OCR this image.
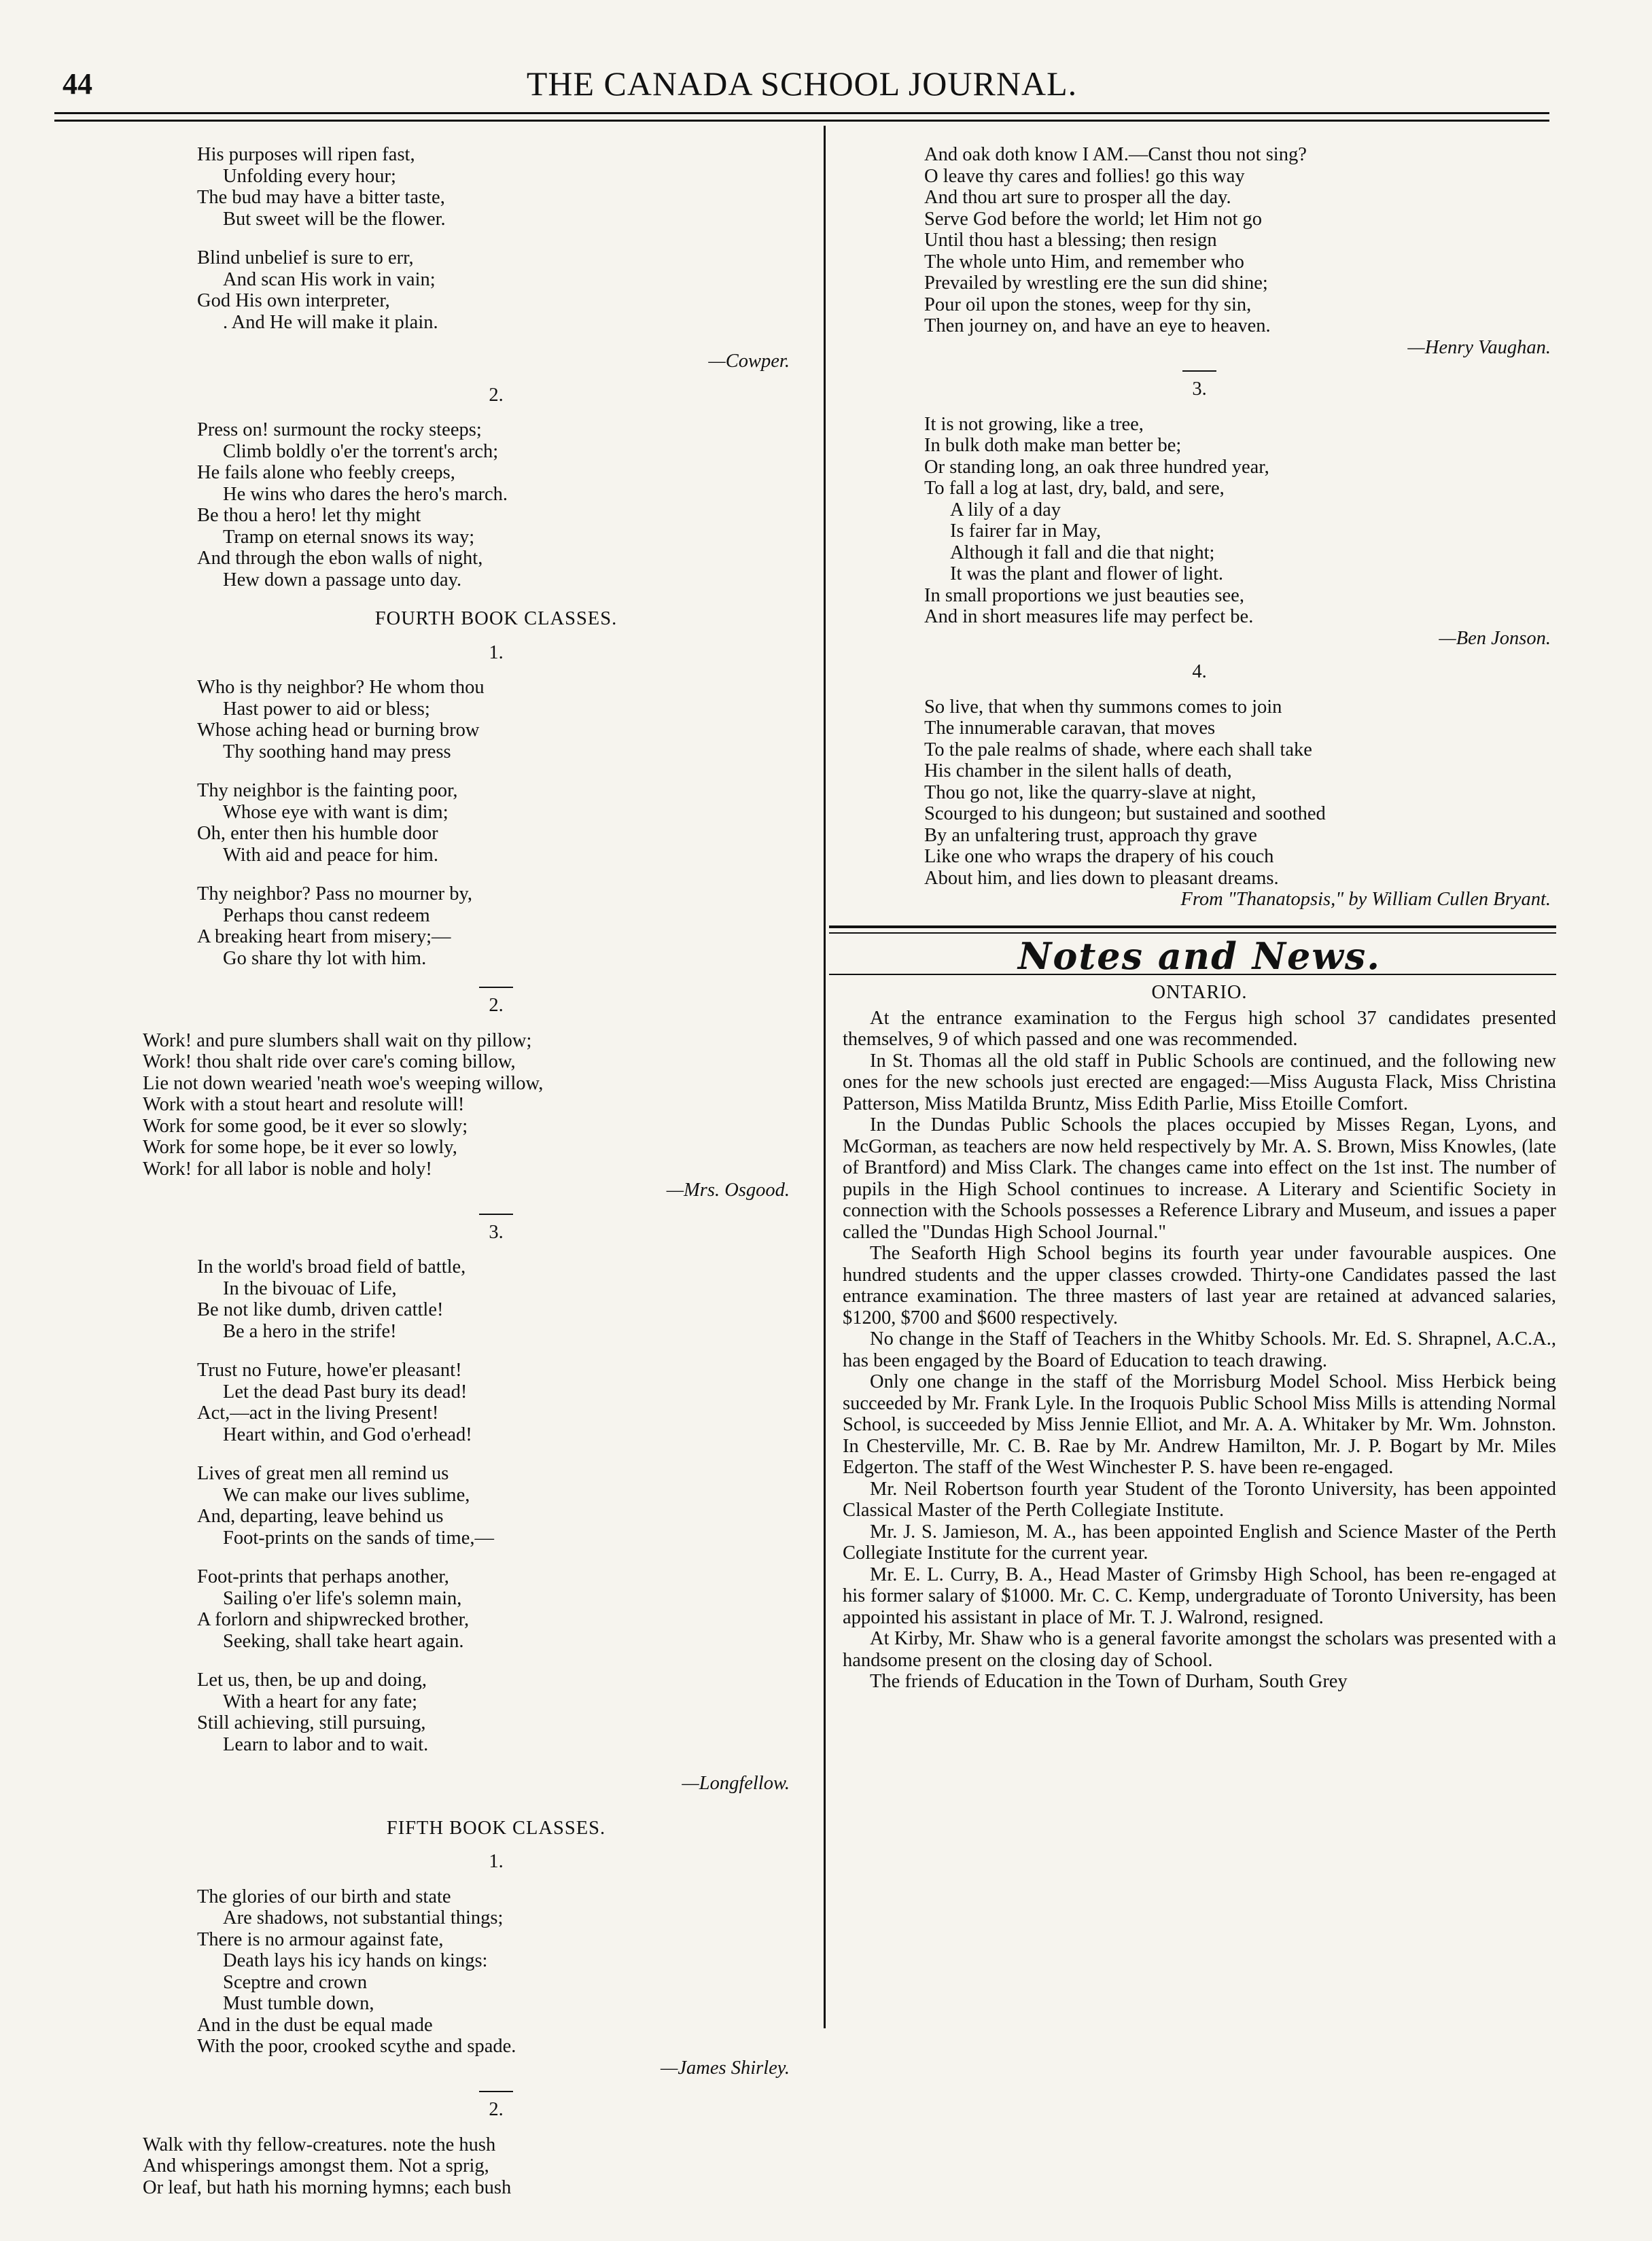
44	THE CANADA SCHOOL JOURNAL.
His purposes will ripen fast,
Unfolding every hour;
The bud may have a bitter taste,
But sweet will be the flower.
Blind unbelief is sure to err,
And scan His work in vain;
God His own interpreter,
. And He will make it plain.
—Cowper.
2.
Press on! surmount the rocky steeps;
Climb boldly o'er the torrent's arch;
He fails alone who feebly creeps,
He wins who dares the hero's march.
Be thou a hero! let thy might
Tramp on eternal snows its way;
And through the ebon walls of night,
Hew down a passage unto day.
FOURTH BOOK CLASSES.
1.
Who is thy neighbor? He whom thou
Hast power to aid or bless;
Whose aching head or burning brow
Thy soothing hand may press
Thy neighbor is the fainting poor,
Whose eye with want is dim;
Oh, enter then his humble door
With aid and peace for him.
Thy neighbor? Pass no mourner by,
Perhaps thou canst redeem
A breaking heart from misery;—
Go share thy lot with him.
2.
Work! and pure slumbers shall wait on thy pillow;
Work! thou shalt ride over care's coming billow,
Lie not down wearied 'neath woe's weeping willow,
Work with a stout heart and resolute will!
Work for some good, be it ever so slowly;
Work for some hope, be it ever so lowly,
Work! for all labor is noble and holy!
—Mrs. Osgood.
3.
In the world's broad field of battle,
In the bivouac of Life,
Be not like dumb, driven cattle!
Be a hero in the strife!
Trust no Future, howe'er pleasant!
Let the dead Past bury its dead!
Act,—act in the living Present!
Heart within, and God o'erhead!
Lives of great men all remind us
We can make our lives sublime,
And, departing, leave behind us
Foot-prints on the sands of time,—
Foot-prints that perhaps another,
Sailing o'er life's solemn main,
A forlorn and shipwrecked brother,
Seeking, shall take heart again.
Let us, then, be up and doing,
With a heart for any fate;
Still achieving, still pursuing,
Learn to labor and to wait.
—Longfellow.
FIFTH BOOK CLASSES.
1.
The glories of our birth and state
Are shadows, not substantial things;
There is no armour against fate,
Death lays his icy hands on kings:
Sceptre and crown
Must tumble down,
And in the dust be equal made
With the poor, crooked scythe and spade.
—James Shirley.
2.
Walk with thy fellow-creatures. note the hush
And whisperings amongst them. Not a sprig,
Or leaf, but hath his morning hymns; each bush
And oak doth know I AM.—Canst thou not sing?
O leave thy cares and follies! go this way
And thou art sure to prosper all the day.
Serve God before the world; let Him not go
Until thou hast a blessing; then resign
The whole unto Him, and remember who
Prevailed by wrestling ere the sun did shine;
Pour oil upon the stones, weep for thy sin,
Then journey on, and have an eye to heaven.
—Henry Vaughan.
3.
It is not growing, like a tree,
In bulk doth make man better be;
Or standing long, an oak three hundred year,
To fall a log at last, dry, bald, and sere,
A lily of a day
Is fairer far in May,
Although it fall and die that night;
It was the plant and flower of light.
In small proportions we just beauties see,
And in short measures life may perfect be.
—Ben Jonson.
4.
So live, that when thy summons comes to join
The innumerable caravan, that moves
To the pale realms of shade, where each shall take
His chamber in the silent halls of death,
Thou go not, like the quarry-slave at night,
Scourged to his dungeon; but sustained and soothed
By an unfaltering trust, approach thy grave
Like one who wraps the drapery of his couch
About him, and lies down to pleasant dreams.
From "Thanatopsis," by William Cullen Bryant.
Notes and News.
ONTARIO.

At the entrance examination to the Fergus high school 37 candidates presented themselves, 9 of which passed and one was recommended.

In St. Thomas all the old staff in Public Schools are continued, and the following new ones for the new schools just erected are engaged:—Miss Augusta Flack, Miss Christina Patterson, Miss Matilda Bruntz, Miss Edith Parlie, Miss Etoille Comfort.

In the Dundas Public Schools the places occupied by Misses Regan, Lyons, and McGorman, as teachers are now held respectively by Mr. A. S. Brown, Miss Knowles, (late of Brantford) and Miss Clark. The changes came into effect on the 1st inst. The number of pupils in the High School continues to increase. A Literary and Scientific Society in connection with the Schools possesses a Reference Library and Museum, and issues a paper called the "Dundas High School Journal."

The Seaforth High School begins its fourth year under favourable auspices. One hundred students and the upper classes crowded. Thirty-one Candidates passed the last entrance examination. The three masters of last year are retained at advanced salaries, $1200, $700 and $600 respectively.

No change in the Staff of Teachers in the Whitby Schools. Mr. Ed. S. Shrapnel, A.C.A., has been engaged by the Board of Education to teach drawing.

Only one change in the staff of the Morrisburg Model School. Miss Herbick being succeeded by Mr. Frank Lyle. In the Iroquois Public School Miss Mills is attending Normal School, is succeeded by Miss Jennie Elliot, and Mr. A. A. Whitaker by Mr. Wm. Johnston. In Chesterville, Mr. C. B. Rae by Mr. Andrew Hamilton, Mr. J. P. Bogart by Mr. Miles Edgerton. The staff of the West Winchester P. S. have been re-engaged.

Mr. Neil Robertson fourth year Student of the Toronto University, has been appointed Classical Master of the Perth Collegiate Institute.

Mr. J. S. Jamieson, M. A., has been appointed English and Science Master of the Perth Collegiate Institute for the current year.

Mr. E. L. Curry, B. A., Head Master of Grimsby High School, has been re-engaged at his former salary of $1000. Mr. C. C. Kemp, undergraduate of Toronto University, has been appointed his assistant in place of Mr. T. J. Walrond, resigned.

At Kirby, Mr. Shaw who is a general favorite amongst the scholars was presented with a handsome present on the closing day of School.

The friends of Education in the Town of Durham, South Grey
